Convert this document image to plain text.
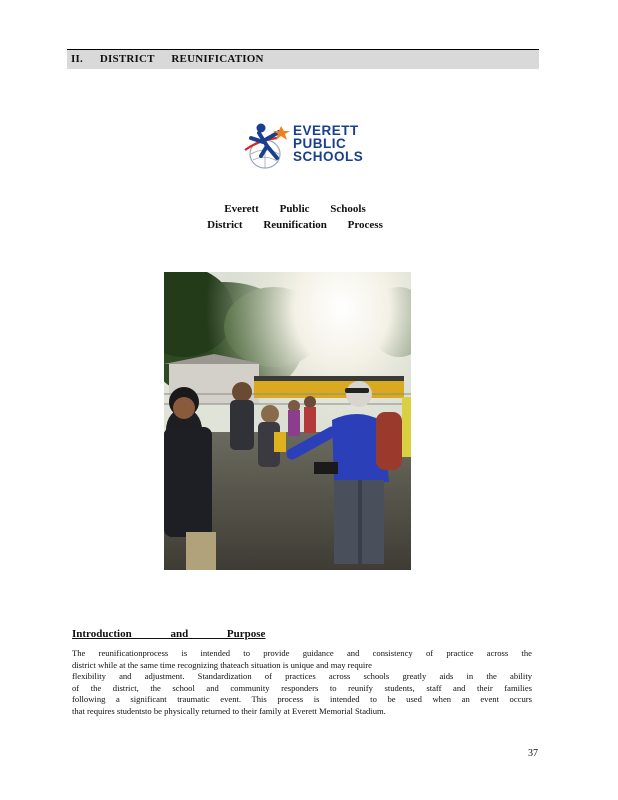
II. DISTRICT REUNIFICATION
EVERETT
PUBLIC
SCHOOLS
Everett Public Schools
District Reunification Process
Introduction and Purpose
The reunificationprocess is intended to provide guidance and consistency of practice across the
district while at the same time recognizing thateach situation is unique and may require
flexibility and adjustment. Standardization of practices across schools greatly aids in the ability
of the district, the school and community responders to reunify students, staff and their families
following a significant traumatic event. This process is intended to be used when an event occurs
that requires studentsto be physically returned to their family at Everett Memorial Stadium.
37
